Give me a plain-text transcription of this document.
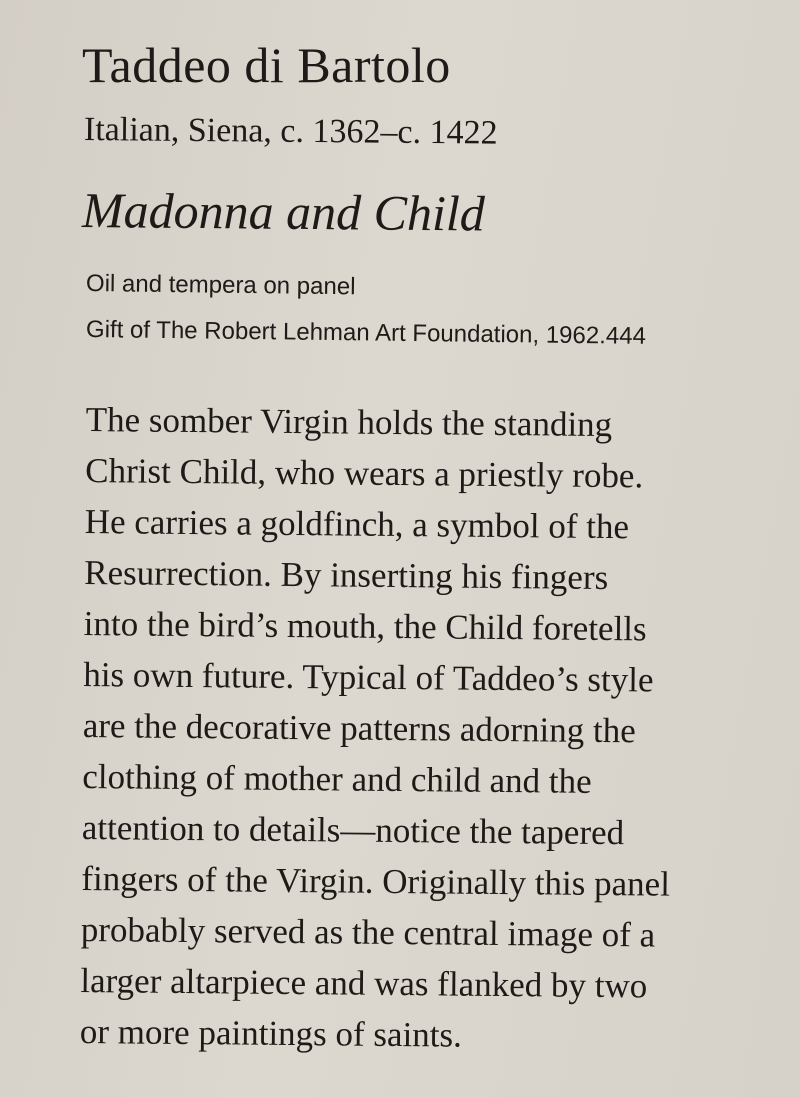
Taddeo di Bartolo

Italian, Siena, c. 1362–c. 1422

Madonna and Child

Oil and tempera on panel

Gift of The Robert Lehman Art Foundation, 1962.444

The somber Virgin holds the standing
Christ Child, who wears a priestly robe.
He carries a goldfinch, a symbol of the
Resurrection. By inserting his fingers
into the bird’s mouth, the Child foretells
his own future. Typical of Taddeo’s style
are the decorative patterns adorning the
clothing of mother and child and the
attention to details—notice the tapered
fingers of the Virgin. Originally this panel
probably served as the central image of a
larger altarpiece and was flanked by two
or more paintings of saints.
